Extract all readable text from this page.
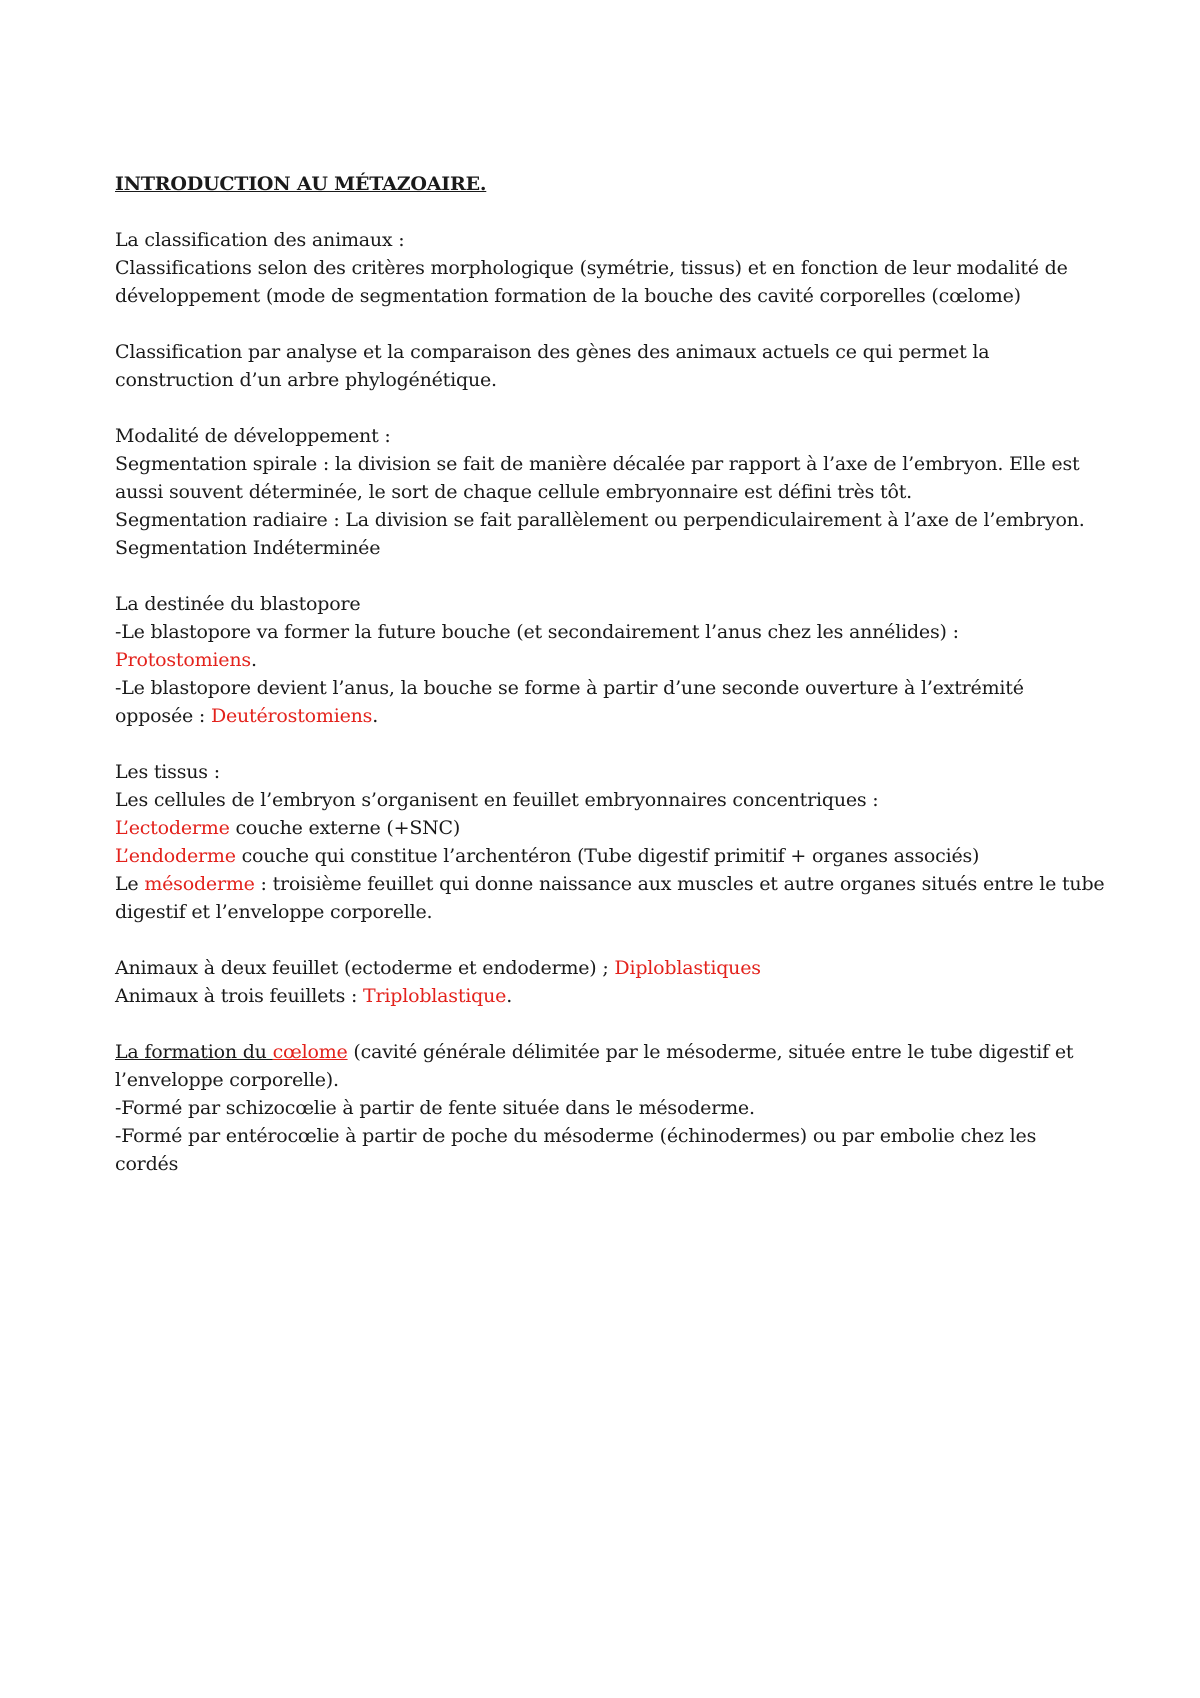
INTRODUCTION AU MÉTAZOAIRE.
La classification des animaux :
Classifications selon des critères morphologique (symétrie, tissus) et en fonction de leur modalité de développement (mode de segmentation formation de la bouche des cavité corporelles (cœlome)
Classification par analyse et la comparaison des gènes des animaux actuels ce qui permet la construction d’un arbre phylogénétique.
Modalité de développement :
Segmentation spirale : la division se fait de manière décalée par rapport à l’axe de l’embryon. Elle est aussi souvent déterminée, le sort de chaque cellule embryonnaire est défini très tôt.
Segmentation radiaire : La division se fait parallèlement ou perpendiculairement à l’axe de l’embryon. Segmentation Indéterminée
La destinée du blastopore
-Le blastopore va former la future bouche (et secondairement l’anus chez les annélides) :
Protostomiens.
-Le blastopore devient l’anus, la bouche se forme à partir d’une seconde ouverture à l’extrémité opposée : Deutérostomiens.
Les tissus :
Les cellules de l’embryon s’organisent en feuillet embryonnaires concentriques :
L’ectoderme couche externe (+SNC)
L’endoderme couche qui constitue l’archentéron (Tube digestif primitif + organes associés)
Le mésoderme : troisième feuillet qui donne naissance aux muscles et autre organes situés entre le tube digestif et l’enveloppe corporelle.
Animaux à deux feuillet (ectoderme et endoderme) ; Diploblastiques
Animaux à trois feuillets : Triploblastique.
La formation du cœlome (cavité générale délimitée par le mésoderme, située entre le tube digestif et l’enveloppe corporelle).
-Formé par schizocœlie à partir de fente située dans le mésoderme.
-Formé par entérocœlie à partir de poche du mésoderme (échinodermes) ou par embolie chez les cordés
